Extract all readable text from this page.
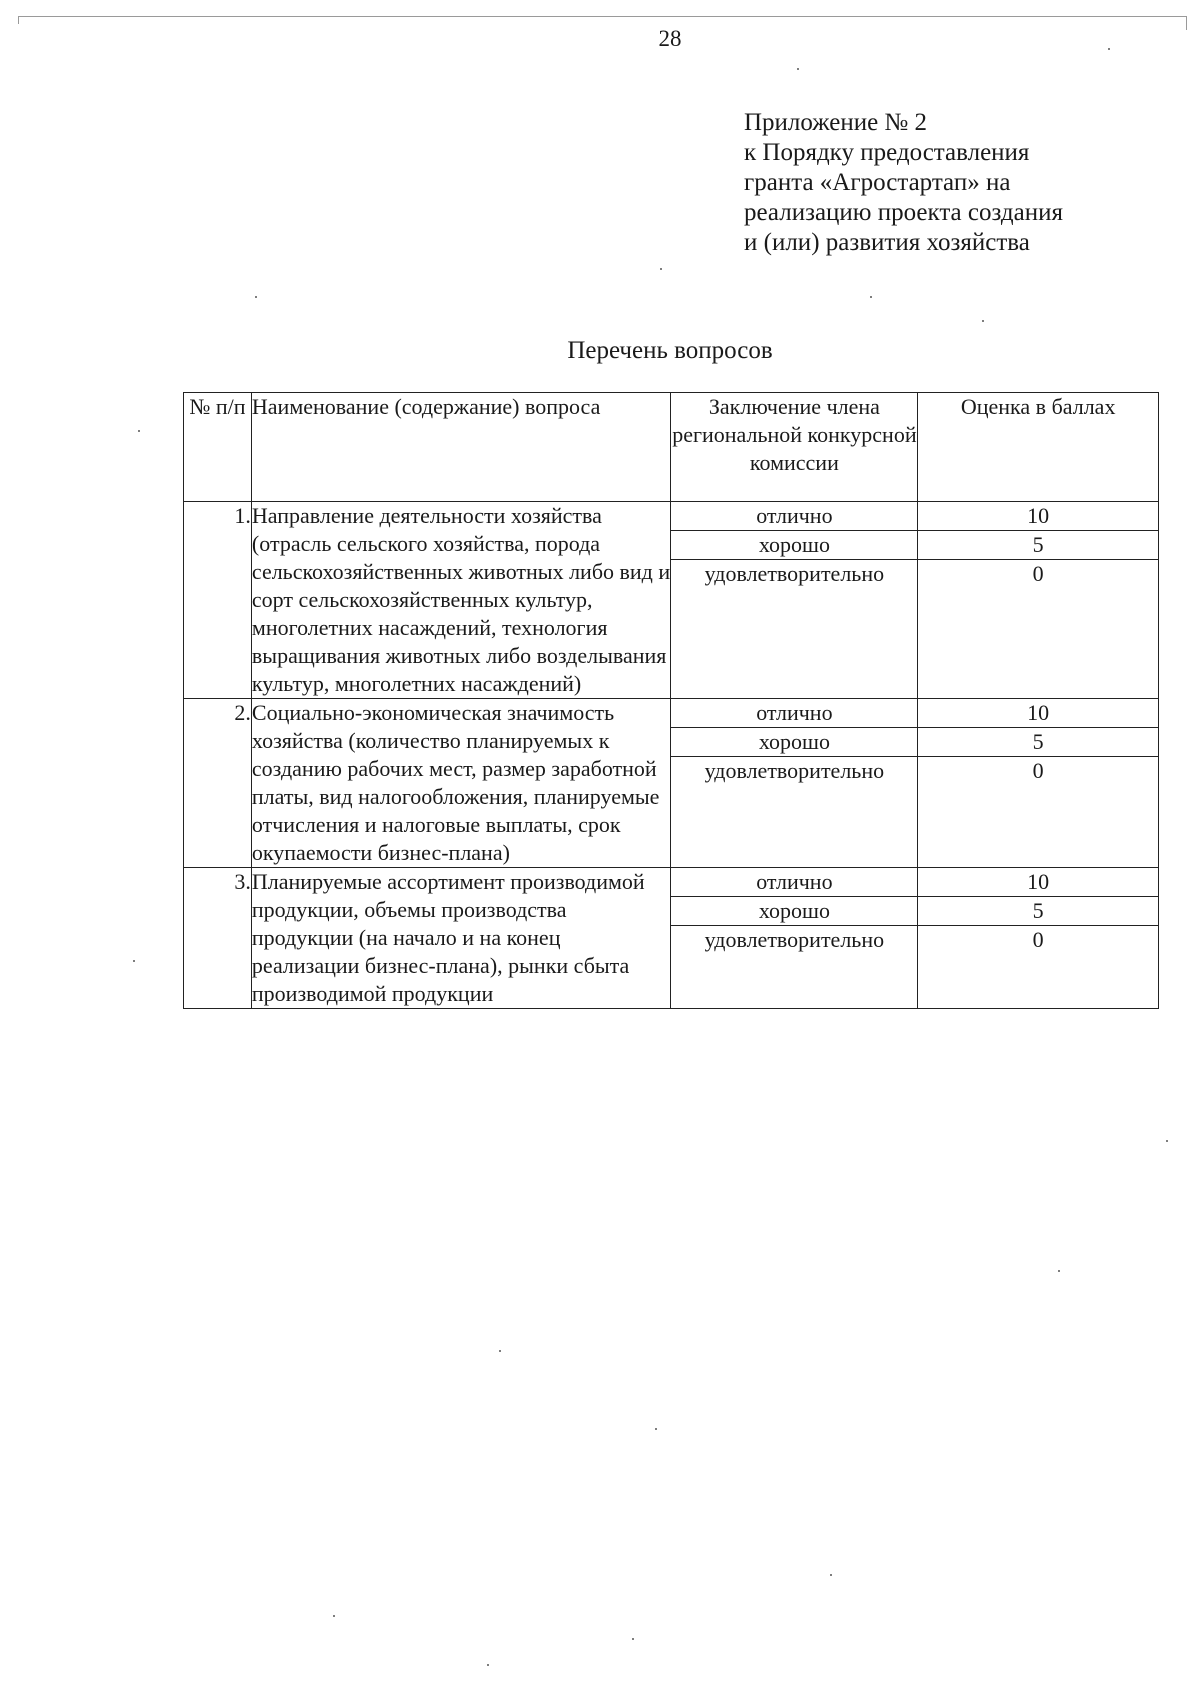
28
Приложение № 2
к Порядку предоставления
гранта «Агростартап» на
реализацию проекта создания
и (или) развития хозяйства
Перечень вопросов
№ п/п	Наименование (содержание) вопроса	Заключение члена региональной конкурсной комиссии	Оценка в баллах
1.	Направление деятельности хозяйства (отрасль сельского хозяйства, порода сельскохозяйственных животных либо вид и сорт сельскохозяйственных культур, многолетних насаждений, технология выращивания животных либо возделывания культур, многолетних насаждений)	отлично	10
		хорошо	5
		удовлетворительно	0
2.	Социально-экономическая значимость хозяйства (количество планируемых к созданию рабочих мест, размер заработной платы, вид налогообложения, планируемые отчисления и налоговые выплаты, срок окупаемости бизнес-плана)	отлично	10
		хорошо	5
		удовлетворительно	0
3.	Планируемые ассортимент производимой продукции, объемы производства продукции (на начало и на конец реализации бизнес-плана), рынки сбыта производимой продукции	отлично	10
		хорошо	5
		удовлетворительно	0
